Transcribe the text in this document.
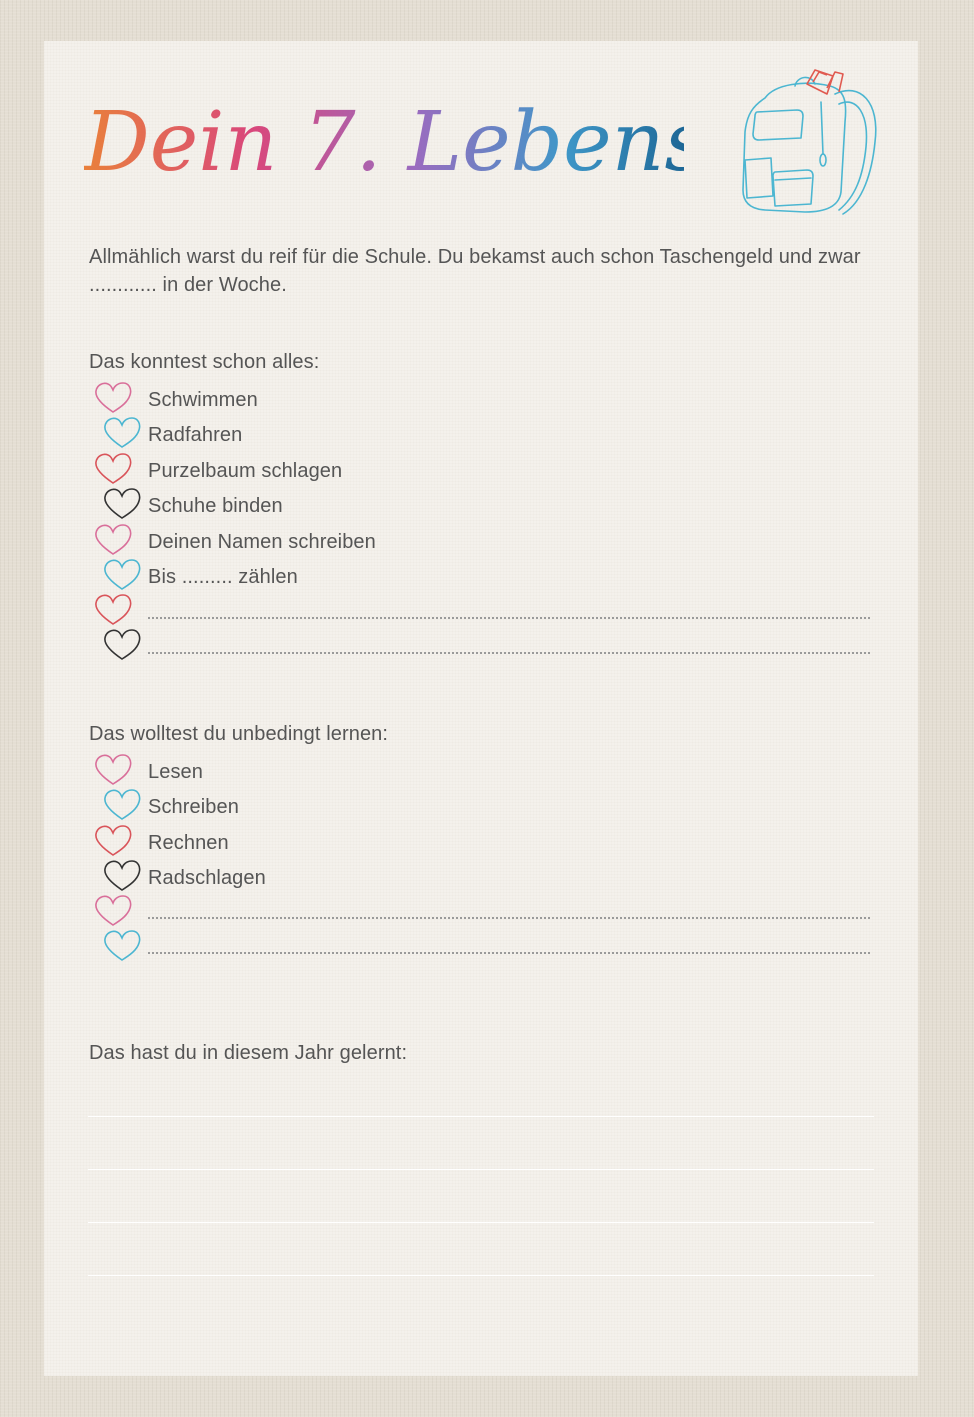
Dein 7. Lebensjahr
Allmählich warst du reif für die Schule. Du bekamst auch schon Taschengeld und zwar ............ in der Woche.
Das konntest schon alles:
Schwimmen
Radfahren
Purzelbaum schlagen
Schuhe binden
Deinen Namen schreiben
Bis ......... zählen
Das wolltest du unbedingt lernen:
Lesen
Schreiben
Rechnen
Radschlagen
Das hast du in diesem Jahr gelernt:
